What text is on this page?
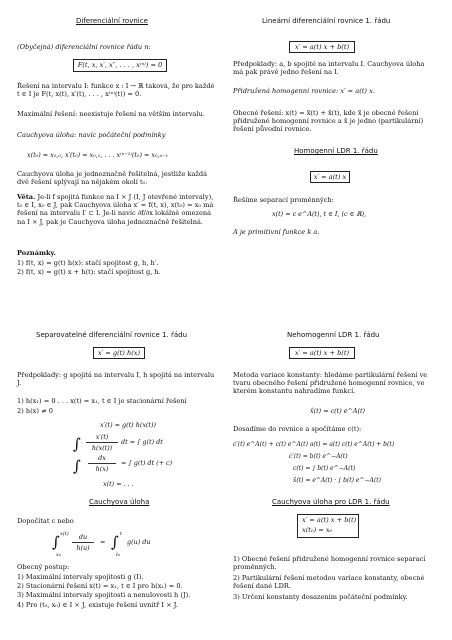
Diferenciální rovnice
(Obyčejná) diferenciální rovnice řádu n:
F(t, x, x′, x″, . . . , x⁽ⁿ⁾) = 0
Řešení na intervalu I: funkce x : I → ℝ taková, že pro každé t ∈ I je F(t, x(t), x′(t), . . . , x⁽ⁿ⁾(t)) = 0.
Maximální řešení: neexistuje řešení na větším intervalu.
Cauchyova úloha: navíc počáteční podmínky
x(t₀) = x₀,₀, x′(t₀) = x₀,₁, . . . x⁽ⁿ⁻¹⁾(t₀) = x₀,ₙ₋₁
Cauchyova úloha je jednoznačně řešitelná, jestliže každá dvě řešení splývají na nějakém okolí t₀.
Věta. Je-li f spojitá funkce na I × J (I, J otevřené intervaly), t₀ ∈ I, x₀ ∈ J, pak Cauchyova úloha x′ = f(t, x), x(t₀) = x₀ má řešení na intervalu I′ ⊂ I. Je-li navíc ∂f/∂x lokálně omezená na I × J, pak je Cauchyova úloha jednoznačně řešitelná.
Poznámky.
1) f(t, x) = g(t) h(x): stačí spojitost g, h, h′.
2) f(t, x) = g(t) x + h(t): stačí spojitost g, h.
Lineární diferenciální rovnice 1. řádu
x′ = a(t) x + b(t)
Předpoklady: a, b spojité na intervalu I. Cauchyova úloha má pak právě jedno řešení na I.
Přidružená homogenní rovnice: x′ = a(t) x.
Obecné řešení: x(t) = x̃(t) + x̂(t), kde x̃ je obecné řešení přidružené homogenní rovnice a x̂ je jedno (partikulární) řešení původní rovnice.
Homogenní LDR 1. řádu
x′ = a(t) x
Řešíme separací proměnných:
x(t) = c e^A(t), t ∈ I, (c ∈ ℝ),
A je primitivní funkce k a.
Separovatelné diferenciální rovnice 1. řádu
x′ = g(t) h(x)
Předpoklady: g spojitá na intervalu I, h spojitá na intervalu J.
1) h(x₁) = 0 . . . x(t) = x₁, t ∈ I je stacionární řešení
2) h(x) ≠ 0
x′(t) = g(t) h(x(t))
∫	x′(t)
h(x(t))
dt = ∫ g(t) dt
∫	dx
h(x)
= ∫ g(t) dt (+ c)
x(t) = . . .
Cauchyova úloha
Dopočítat c nebo
∫ x(t)
x₀
du
h(u)
= ∫ t
t₀
g(u) du
Obecný postup:
1) Maximální intervaly spojitosti g (I).
2) Stacionární řešení x(t) = x₁, t ∈ I pro h(x₁) = 0.
3) Maximální intervaly spojitosti a nenulovosti h (J).
4) Pro (t₀, x₀) ∈ I × J, existuje řešení uvnitř I × J.
Nehomogenní LDR 1. řádu
x′ = a(t) x + b(t)
Metoda variace konstanty: hledáme partikulární řešení ve tvaru obecného řešení přidružené homogenní rovnice, ve kterém konstantu nahradíme funkcí.
x̂(t) = c(t) e^A(t)
Dosadíme do rovnice a spočítáme c(t):
c′(t) e^A(t) + c(t) e^A(t) a(t) = a(t) c(t) e^A(t) + b(t)
c′(t) = b(t) e^−A(t)
c(t) = ∫ b(t) e^−A(t)
x̂(t) = e^A(t) · ∫ b(t) e^−A(t)
Cauchyova úloha pro LDR 1. řádu
x′ = a(t) x + b(t)
x(t₀) = x₀
1) Obecné řešení přidružené homogenní rovnice separací proměnných.
2) Partikulární řešení metodou variace konstanty, obecné řešení dané LDR.
3) Určení konstanty dosazením počáteční podmínky.
